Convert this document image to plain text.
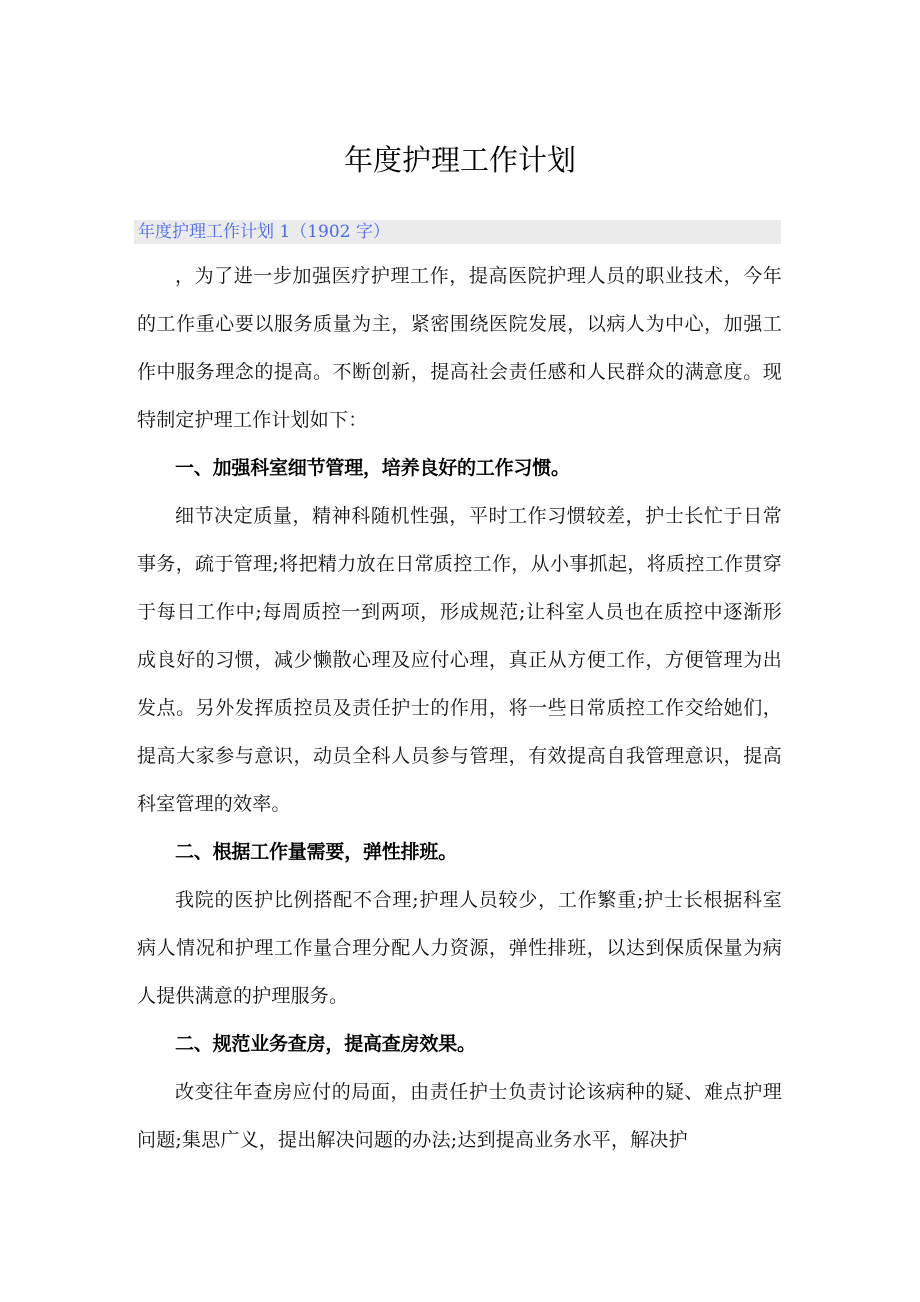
年度护理工作计划
年度护理工作计划 1（1902 字）

，为了进一步加强医疗护理工作，提高医院护理人员的职业技术，今年的工作重心要以服务质量为主，紧密围绕医院发展，以病人为中心，加强工作中服务理念的提高。不断创新，提高社会责任感和人民群众的满意度。现特制定护理工作计划如下：

一、加强科室细节管理，培养良好的工作习惯。

细节决定质量，精神科随机性强，平时工作习惯较差，护士长忙于日常事务，疏于管理;将把精力放在日常质控工作，从小事抓起，将质控工作贯穿于每日工作中;每周质控一到两项，形成规范;让科室人员也在质控中逐渐形成良好的习惯，减少懒散心理及应付心理，真正从方便工作，方便管理为出发点。另外发挥质控员及责任护士的作用，将一些日常质控工作交给她们，提高大家参与意识，动员全科人员参与管理，有效提高自我管理意识，提高科室管理的效率。

二、根据工作量需要，弹性排班。

我院的医护比例搭配不合理;护理人员较少，工作繁重;护士长根据科室病人情况和护理工作量合理分配人力资源，弹性排班，以达到保质保量为病人提供满意的护理服务。

二、规范业务查房，提高查房效果。

改变往年查房应付的局面，由责任护士负责讨论该病种的疑、难点护理问题;集思广义，提出解决问题的办法;达到提高业务水平，解决护
